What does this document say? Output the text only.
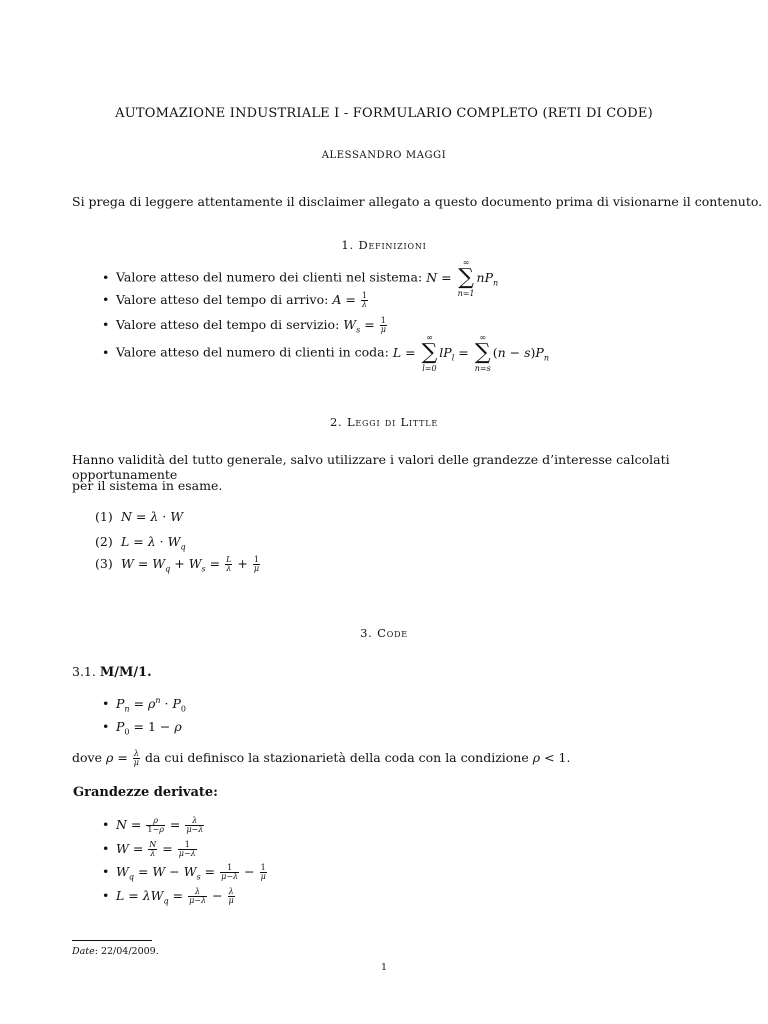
AUTOMAZIONE INDUSTRIALE I - FORMULARIO COMPLETO (RETI DI CODE)
ALESSANDRO MAGGI
Si prega di leggere attentamente il disclaimer allegato a questo documento prima di visionarne il contenuto.
1. Definizioni
• Valore atteso del numero dei clienti nel sistema: N =
∞
∑
n=1
$nP_n$
• Valore atteso del tempo di arrivo: $A = \frac{1}{\lambda}$
• Valore atteso del tempo di servizio: $W_s = \frac{1}{\mu}$
• Valore atteso del numero di clienti in coda: L =
∞
∑
l=0
$lP_l$ =
∞
∑
n=s
$(n - s)P_n$
2. Leggi di Little
Hanno validità del tutto generale, salvo utilizzare i valori delle grandezze d’interesse calcolati opportunamente
per il sistema in esame.
(1) N = λ · W
(2) $L = \lambda \cdot W_q$
(3) $W = W_q + W_s = \frac{L}{\lambda} + \frac{1}{\mu}$
3. Code
3.1. M/M/1.
• $P_n = \rho^n \cdot P_0$
• $P_0 = 1 - \rho$
dove $\rho = \frac{\lambda}{\mu}$ da cui definisco la stazionarietà della coda con la condizione ρ < 1.
Grandezze derivate:
• $N = \frac{\rho}{1-\rho} = \frac{\lambda}{\mu-\lambda}$
• $W = \frac{N}{\lambda} = \frac{1}{\mu-\lambda}$
• $W_q = W - W_s = \frac{1}{\mu-\lambda} - \frac{1}{\mu}$
• $L = \lambda W_q = \frac{\lambda}{\mu-\lambda} - \frac{\lambda}{\mu}$
Date: 22/04/2009.
1
